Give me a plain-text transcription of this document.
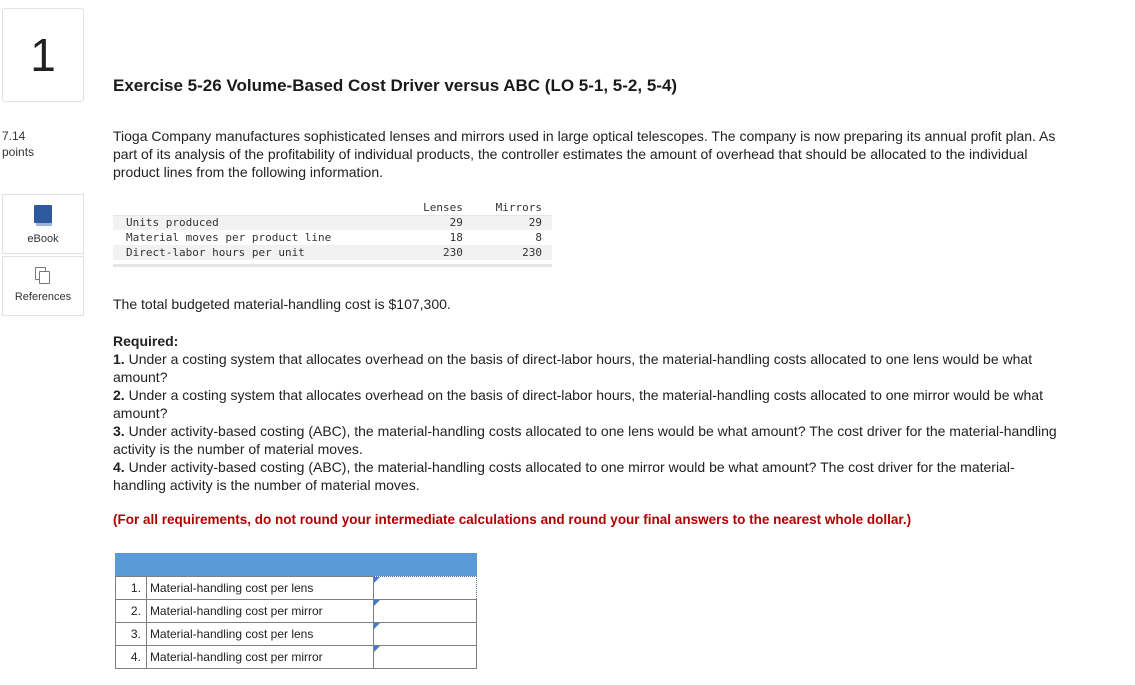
1
7.14
points
eBook
References
Exercise 5-26 Volume-Based Cost Driver versus ABC (LO 5-1, 5-2, 5-4)
Tioga Company manufactures sophisticated lenses and mirrors used in large optical telescopes. The company is now preparing its annual profit plan. As part of its analysis of the profitability of individual products, the controller estimates the amount of overhead that should be allocated to the individual product lines from the following information.
	Lenses	Mirrors
Units produced	29	29
Material moves per product line	18	8
Direct-labor hours per unit	230	230

The total budgeted material-handling cost is $107,300.
Required:
1. Under a costing system that allocates overhead on the basis of direct-labor hours, the material-handling costs allocated to one lens would be what amount?
2. Under a costing system that allocates overhead on the basis of direct-labor hours, the material-handling costs allocated to one mirror would be what amount?
3. Under activity-based costing (ABC), the material-handling costs allocated to one lens would be what amount? The cost driver for the material-handling activity is the number of material moves.
4. Under activity-based costing (ABC), the material-handling costs allocated to one mirror would be what amount? The cost driver for the material-handling activity is the number of material moves.
(For all requirements, do not round your intermediate calculations and round your final answers to the nearest whole dollar.)
1.	Material-handling cost per lens	

2.	Material-handling cost per mirror	

3.	Material-handling cost per lens	

4.	Material-handling cost per mirror	
